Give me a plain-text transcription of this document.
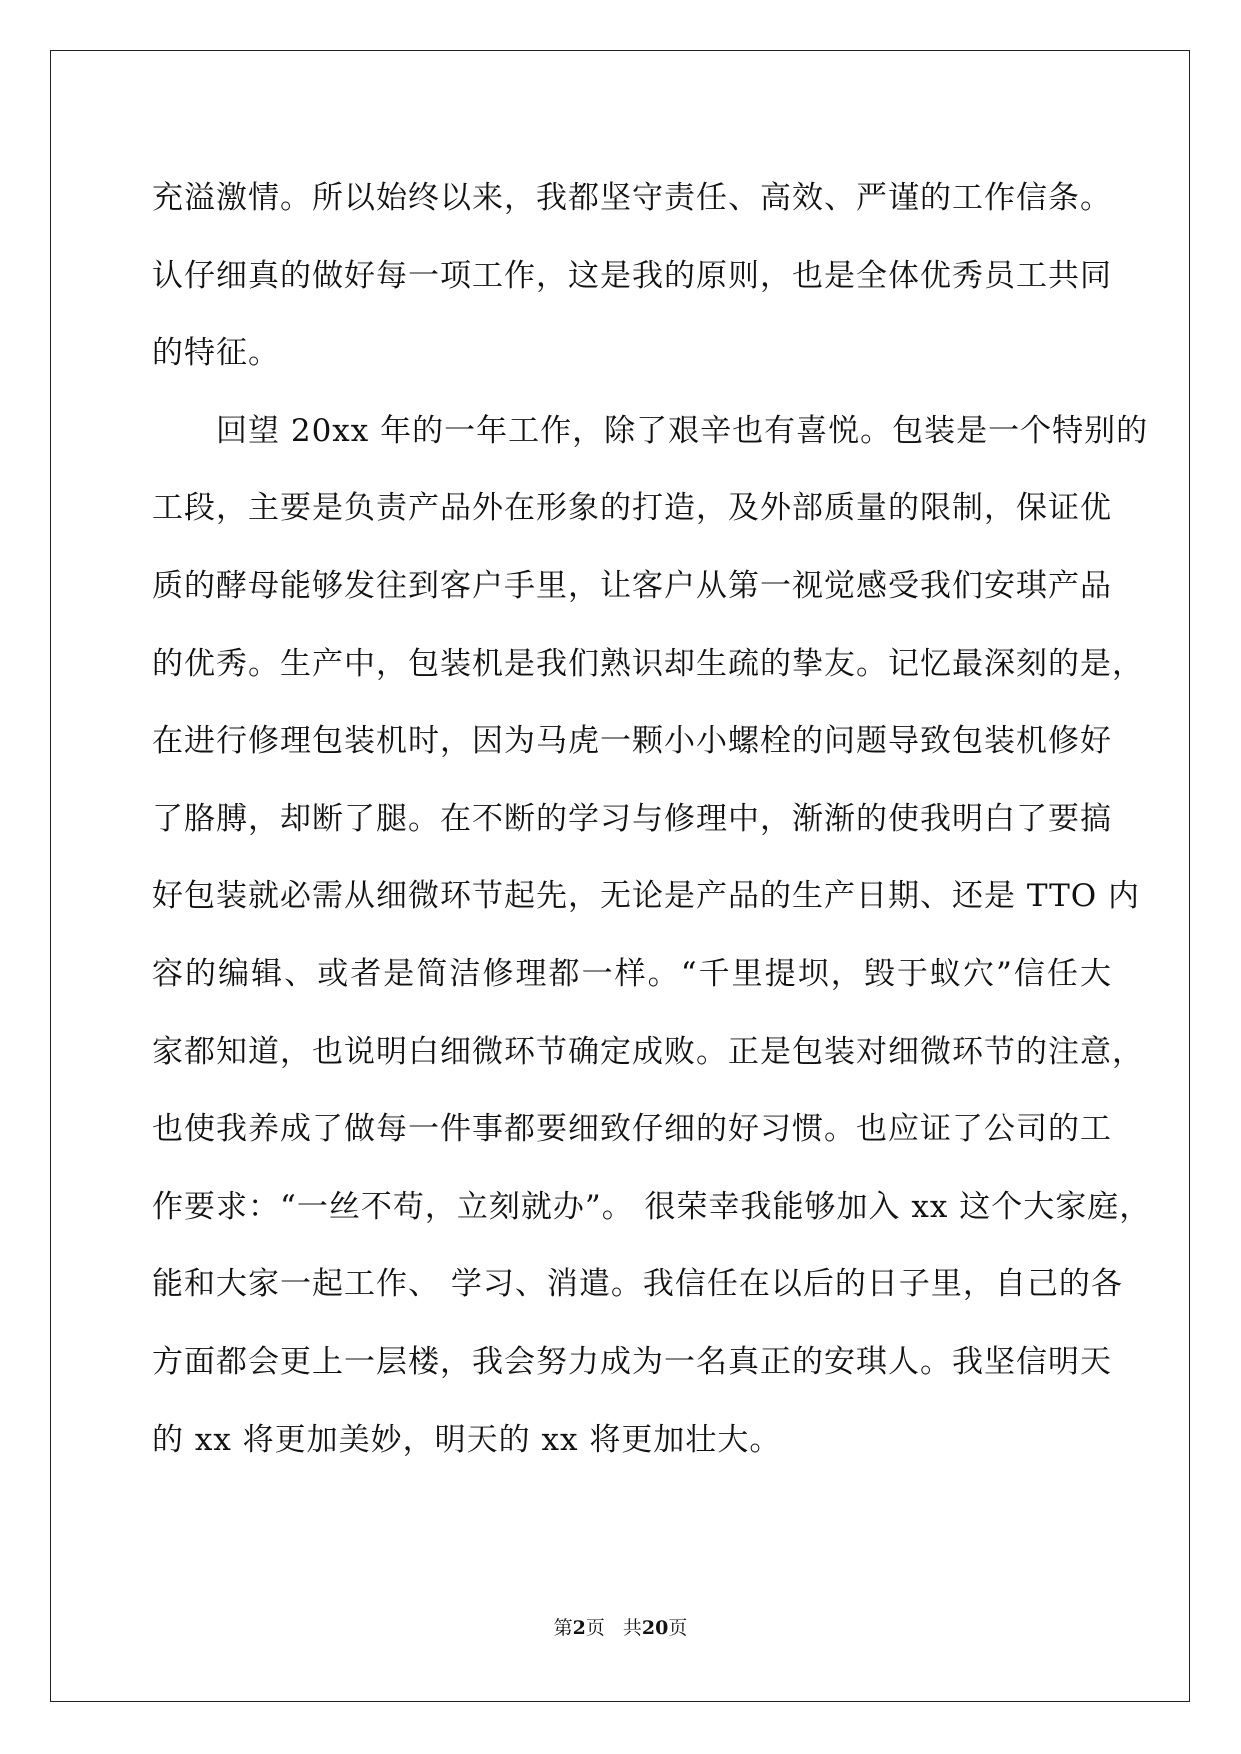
充溢激情。所以始终以来，我都坚守责任、高效、严谨的工作信条。
认仔细真的做好每一项工作，这是我的原则，也是全体优秀员工共同
的特征。
回望 20xx 年的一年工作，除了艰辛也有喜悦。包装是一个特别的
工段，主要是负责产品外在形象的打造，及外部质量的限制，保证优
质的酵母能够发往到客户手里，让客户从第一视觉感受我们安琪产品
的优秀。生产中，包装机是我们熟识却生疏的挚友。记忆最深刻的是，
在进行修理包装机时，因为马虎一颗小小螺栓的问题导致包装机修好
了胳膊，却断了腿。在不断的学习与修理中，渐渐的使我明白了要搞
好包装就必需从细微环节起先，无论是产品的生产日期、还是 TTO 内
容的编辑、或者是简洁修理都一样。“千里提坝，毁于蚁穴”信任大
家都知道，也说明白细微环节确定成败。正是包装对细微环节的注意，
也使我养成了做每一件事都要细致仔细的好习惯。也应证了公司的工
作要求：“一丝不苟，立刻就办”。 很荣幸我能够加入 xx 这个大家庭，
能和大家一起工作、 学习、消遣。我信任在以后的日子里，自己的各
方面都会更上一层楼，我会努力成为一名真正的安琪人。我坚信明天
的 xx 将更加美妙，明天的 xx 将更加壮大。
第2页 共20页
